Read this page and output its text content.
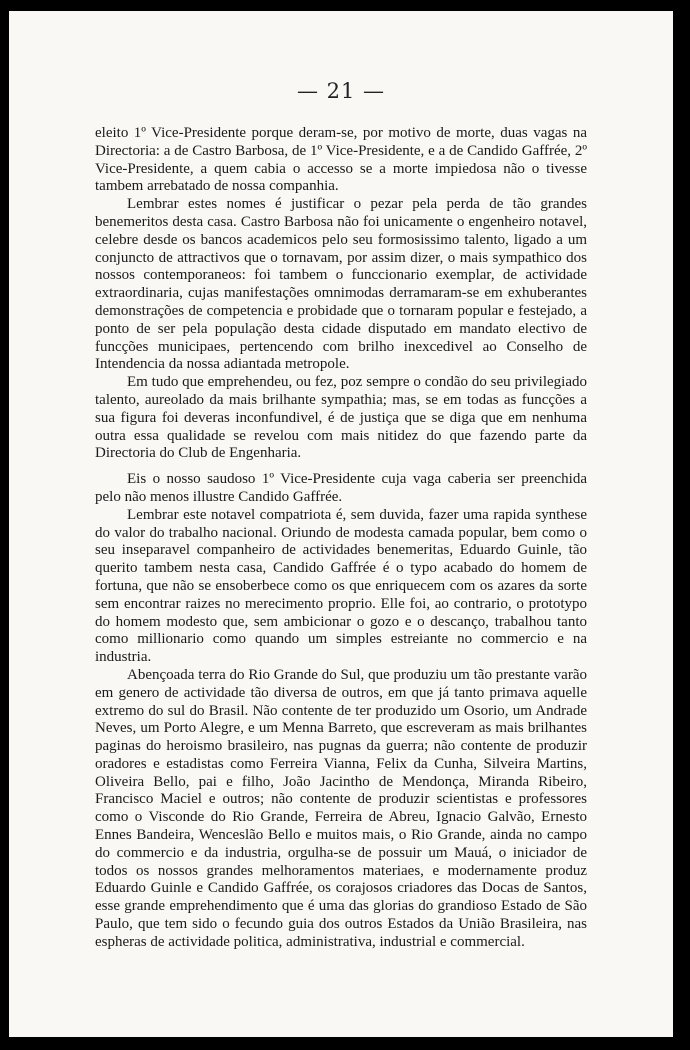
— 21 —

eleito 1º Vice-Presidente porque deram-se, por motivo de morte, duas vagas na Directoria: a de Castro Barbosa, de 1º Vice-Presidente, e a de Candido Gaffrée, 2º Vice-Presidente, a quem cabia o accesso se a morte impiedosa não o tivesse tambem arrebatado de nossa companhia.

Lembrar estes nomes é justificar o pezar pela perda de tão grandes benemeritos desta casa. Castro Barbosa não foi unicamente o engenheiro notavel, celebre desde os bancos academicos pelo seu formosissimo talento, ligado a um conjuncto de attractivos que o tornavam, por assim dizer, o mais sympathico dos nossos contemporaneos: foi tambem o funccionario exemplar, de actividade extraordinaria, cujas manifestações omnimodas derramaram-se em exhuberantes demonstrações de competencia e probidade que o tornaram popular e festejado, a ponto de ser pela população desta cidade disputado em mandato electivo de funcções municipaes, pertencendo com brilho inexcedivel ao Conselho de Intendencia da nossa adiantada metropole.

Em tudo que emprehendeu, ou fez, poz sempre o condão do seu privilegiado talento, aureolado da mais brilhante sympathia; mas, se em todas as funcções a sua figura foi deveras inconfundivel, é de justiça que se diga que em nenhuma outra essa qualidade se revelou com mais nitidez do que fazendo parte da Directoria do Club de Engenharia.

Eis o nosso saudoso 1º Vice-Presidente cuja vaga caberia ser preenchida pelo não menos illustre Candido Gaffrée.

Lembrar este notavel compatriota é, sem duvida, fazer uma rapida synthese do valor do trabalho nacional. Oriundo de modesta camada popular, bem como o seu inseparavel companheiro de actividades benemeritas, Eduardo Guinle, tão querito tambem nesta casa, Candido Gaffrée é o typo acabado do homem de fortuna, que não se ensoberbece como os que enriquecem com os azares da sorte sem encontrar raizes no merecimento proprio. Elle foi, ao contrario, o prototypo do homem modesto que, sem ambicionar o gozo e o descanço, trabalhou tanto como millionario como quando um simples estreiante no commercio e na industria.

Abençoada terra do Rio Grande do Sul, que produziu um tão prestante varão em genero de actividade tão diversa de outros, em que já tanto primava aquelle extremo do sul do Brasil. Não contente de ter produzido um Osorio, um Andrade Neves, um Porto Alegre, e um Menna Barreto, que escreveram as mais brilhantes paginas do heroismo brasileiro, nas pugnas da guerra; não contente de produzir oradores e estadistas como Ferreira Vianna, Felix da Cunha, Silveira Martins, Oliveira Bello, pai e filho, João Jacintho de Mendonça, Miranda Ribeiro, Francisco Maciel e outros; não contente de produzir scientistas e professores como o Visconde do Rio Grande, Ferreira de Abreu, Ignacio Galvão, Ernesto Ennes Bandeira, Wenceslão Bello e muitos mais, o Rio Grande, ainda no campo do commercio e da industria, orgulha-se de possuir um Mauá, o iniciador de todos os nossos grandes melhoramentos materiaes, e modernamente produz Eduardo Guinle e Candido Gaffrée, os corajosos criadores das Docas de Santos, esse grande emprehendimento que é uma das glorias do grandioso Estado de São Paulo, que tem sido o fecundo guia dos outros Estados da União Brasileira, nas espheras de actividade politica, administrativa, industrial e commercial.
